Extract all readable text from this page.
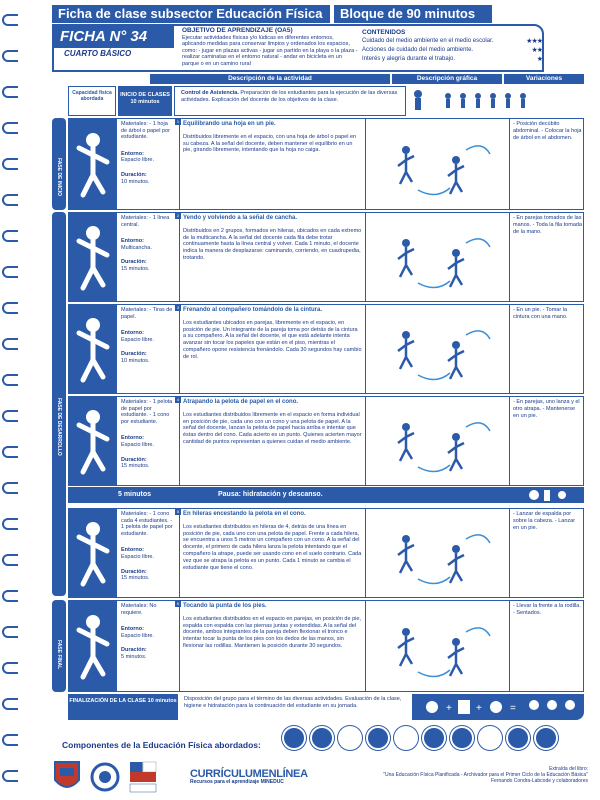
Ficha de clase subsector Educación Física	Bloque de 90 minutos
FICHA N° 34
CUARTO BÁSICO
OBJETIVO DE APRENDIZAJE (OA5)
Ejecutar actividades físicas y/o lúdicas en diferentes entornos, aplicando medidas para conservar limpios y ordenados los espacios, como: - jugar en plazas activas - jugar un partido en la playa o la plaza - realizar caminatas en el entorno natural - andar en bicicleta en un parque o en un camino rural
CONTENIDOS
Cuidado del medio ambiente en el medio escolar.	★★★
Acciones de cuidado del medio ambiente.	★★
Interés y alegría durante el trabajo.	★
Descripción de la actividad	Descripción gráfica	Variaciones
Capacidad física abordada
INICIO DE CLASES 10 minutos
Control de Asistencia. Preparación de los estudiantes para la ejecución de las diversas actividades. Explicación del docente de los objetivos de la clase.
FASE DE INICIO
FASE DE DESARROLLO
FASE FINAL
Materiales: - 1 hoja de árbol o papel por estudiante.
Entorno:
Espacio libre.
Duración:
10 minutos.
1 Equilibrando una hoja en un pie.
Distribuidos libremente en el espacio, con una hoja de árbol o papel en su cabeza. A la señal del docente, deben mantener el equilibrio en un pie, girando libremente, intentando que la hoja no caiga.
- Posición decúbito abdominal. - Colocar la hoja de árbol en el abdomen.
Materiales: - 1 línea central.
Entorno:
Multicancha.
Duración:
15 minutos.
2 Yendo y volviendo a la señal de cancha.
Distribuidos en 2 grupos, formados en hileras, ubicados en cada extremo de la multicancha. A la señal del docente cada fila debe trotar continuamente hasta la línea central y volver. Cada 1 minuto, el docente indica la manera de desplazarse: caminando, corriendo, en cuadrupedia, trotando.
- En parejas tomados de las manos. - Toda la fila tomada de la mano.
Materiales: - Tiras de papel.
Entorno:
Espacio libre.
Duración:
10 minutos.
3 Frenando al compañero tomándolo de la cintura.
Los estudiantes ubicados en parejas, libremente en el espacio, en posición de pie. Un integrante de la pareja toma por detrás de la cintura a su compañero. A la señal del docente, el que está adelante intenta avanzar sin tocar los papeles que están en el piso, mientras el compañero opone resistencia frenándolo. Cada 30 segundos hay cambio de rol.
- En un pie. - Tomar la cintura con una mano.
Materiales: - 1 pelota de papel por estudiante. - 1 cono por estudiante.
Entorno:
Espacio libre.
Duración:
15 minutos.
4 Atrapando la pelota de papel en el cono.
Los estudiantes distribuidos libremente en el espacio en forma individual en posición de pie, cada uno con un cono y una pelota de papel. A la señal del docente, lanzan la pelota de papel hacia arriba e intentar que éstas dentro del cono. Cada acierto es un punto. Quienes acierten mayor cantidad de puntos representan a quienes cuidan el medio ambiente.
- En parejas, uno lanza y el otro atrapa. - Mantenerse en un pie.
Materiales: - 1 cono cada 4 estudiantes. - 1 pelota de papel por estudiante.
Entorno:
Espacio libre.
Duración:
15 minutos.
5 En hileras encestando la pelota en el cono.
Los estudiantes distribuidos en hileras de 4, detrás de una línea en posición de pie, cada uno con una pelota de papel. Frente a cada hilera, se encuentra a unos 5 metros un compañero con un cono. A la señal del docente, el primero de cada hilera lanza la pelota intentando que el compañero la atrape, puede ser usando cono en el suelo contrario. Cada vez que se atrapa la pelota es un punto. Cada 1 minuto se cambia el estudiante que tiene el cono.
- Lanzar de espalda por sobre la cabeza. - Lanzar en un pie.
Materiales: No requiere.
Entorno:
Espacio libre.
Duración:
5 minutos.
6 Tocando la punta de los pies.
Los estudiantes distribuidos en el espacio en parejas, en posición de pie, espalda con espalda con las piernas juntas y extendidas. A la señal del docente, ambos integrantes de la pareja deben flexionar el tronco e intentar tocar la punta de los pies con los dedos de las manos, sin flexionar las rodillas. Mantienen la posición durante 30 segundos.
- Llevar la frente a la rodilla. - Sentados.
5 minutos	Pausa: hidratación y descanso.
FINALIZACIÓN DE LA CLASE 10 minutos	Disposición del grupo para el término de las diversas actividades. Evaluación de la clase, higiene e hidratación para la continuación del estudiante en su jornada.	+ +	=
Componentes de la Educación Física abordados:
CURRÍCULUMENLÍNEA
Recursos para el aprendizaje MINEDUC
Extraída del libro:
"Una Educación Física Planificada - Archivador para el Primer Ciclo de la Educación Básica"
Fernando Condra-Labcode y colaboradores
